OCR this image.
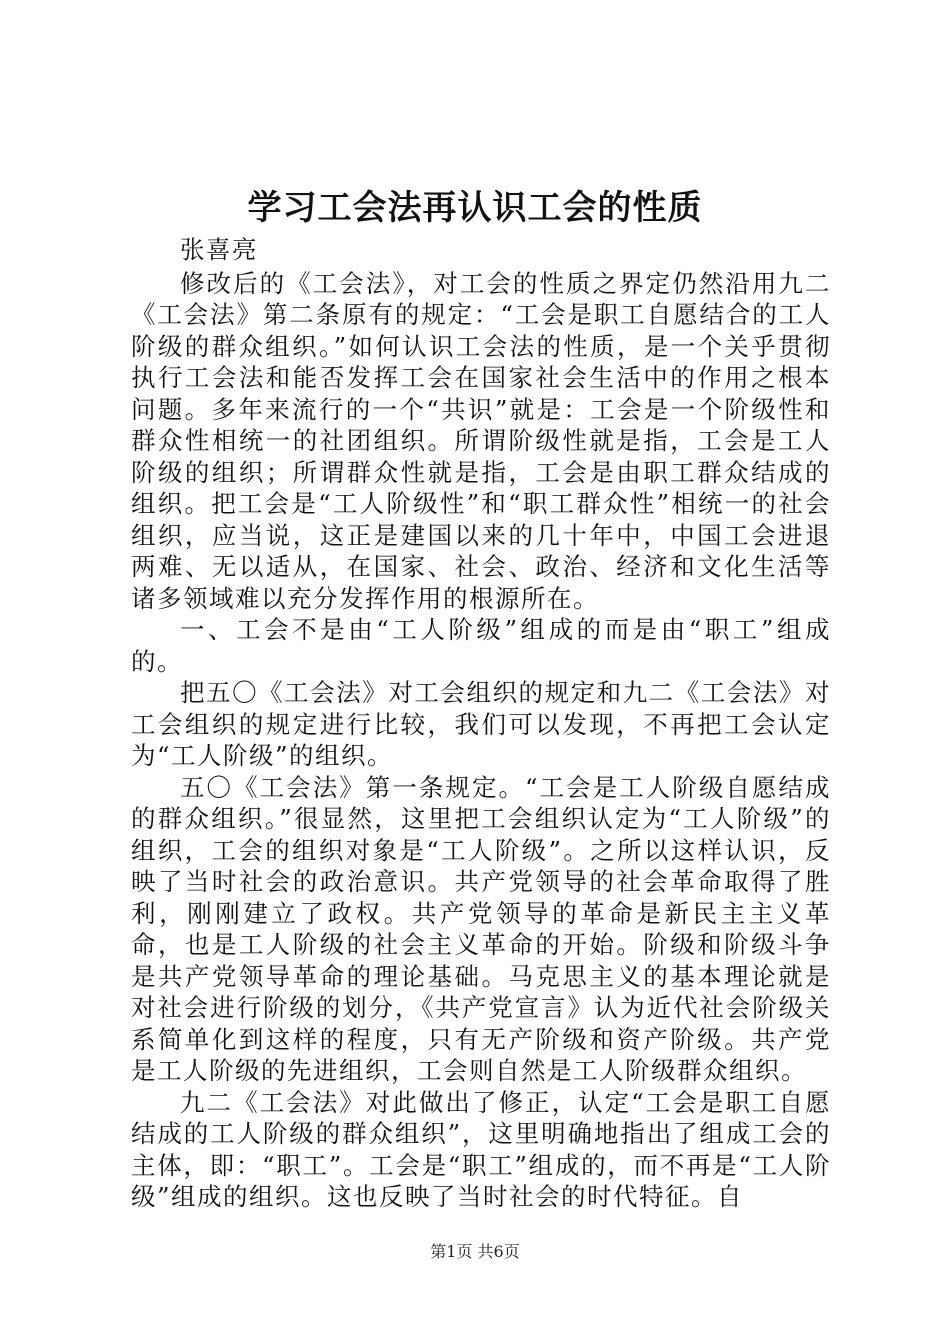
学习工会法再认识工会的性质

张喜亮

修改后的《工会法》，对工会的性质之界定仍然沿用九二《工会法》第二条原有的规定：“工会是职工自愿结合的工人阶级的群众组织。”如何认识工会法的性质，是一个关乎贯彻执行工会法和能否发挥工会在国家社会生活中的作用之根本问题。多年来流行的一个“共识”就是：工会是一个阶级性和群众性相统一的社团组织。所谓阶级性就是指，工会是工人阶级的组织；所谓群众性就是指，工会是由职工群众结成的组织。把工会是“工人阶级性”和“职工群众性”相统一的社会组织，应当说，这正是建国以来的几十年中，中国工会进退两难、无以适从，在国家、社会、政治、经济和文化生活等诸多领域难以充分发挥作用的根源所在。

一、工会不是由“工人阶级”组成的而是由“职工”组成的。

把五〇《工会法》对工会组织的规定和九二《工会法》对工会组织的规定进行比较，我们可以发现，不再把工会认定为“工人阶级”的组织。

五〇《工会法》第一条规定。“工会是工人阶级自愿结成的群众组织。”很显然，这里把工会组织认定为“工人阶级”的组织，工会的组织对象是“工人阶级”。之所以这样认识，反映了当时社会的政治意识。共产党领导的社会革命取得了胜利，刚刚建立了政权。共产党领导的革命是新民主主义革命，也是工人阶级的社会主义革命的开始。阶级和阶级斗争是共产党领导革命的理论基础。马克思主义的基本理论就是对社会进行阶级的划分，《共产党宣言》认为近代社会阶级关系简单化到这样的程度，只有无产阶级和资产阶级。共产党是工人阶级的先进组织，工会则自然是工人阶级群众组织。

九二《工会法》对此做出了修正，认定“工会是职工自愿结成的工人阶级的群众组织”，这里明确地指出了组成工会的主体，即：“职工”。工会是“职工”组成的，而不再是“工人阶级”组成的组织。这也反映了当时社会的时代特征。自

第1页 共6页
